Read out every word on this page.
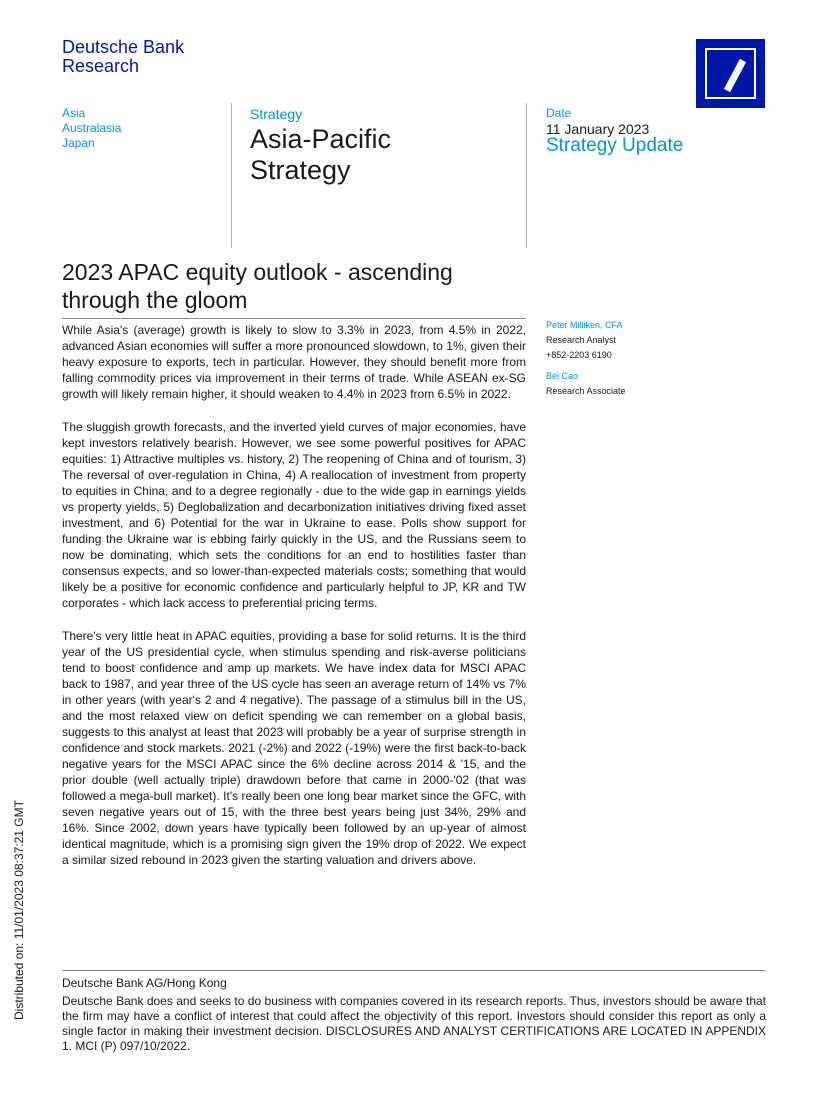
Deutsche Bank
Research
Asia
Australasia
Japan
Strategy
Asia-Pacific
Strategy
Date
11 January 2023
Strategy Update
2023 APAC equity outlook - ascending through the gloom

While Asia's (average) growth is likely to slow to 3.3% in 2023, from 4.5% in 2022, advanced Asian economies will suffer a more pronounced slowdown, to 1%, given their heavy exposure to exports, tech in particular. However, they should benefit more from falling commodity prices via improvement in their terms of trade. While ASEAN ex-SG growth will likely remain higher, it should weaken to 4.4% in 2023 from 6.5% in 2022.

The sluggish growth forecasts, and the inverted yield curves of major economies, have kept investors relatively bearish. However, we see some powerful positives for APAC equities: 1) Attractive multiples vs. history, 2) The reopening of China and of tourism, 3) The reversal of over-regulation in China, 4) A reallocation of investment from property to equities in China, and to a degree regionally - due to the wide gap in earnings yields vs property yields, 5) Deglobalization and decarbonization initiatives driving fixed asset investment, and 6) Potential for the war in Ukraine to ease. Polls show support for funding the Ukraine war is ebbing fairly quickly in the US, and the Russians seem to now be dominating, which sets the conditions for an end to hostilities faster than consensus expects, and so lower-than-expected materials costs; something that would likely be a positive for economic confidence and particularly helpful to JP, KR and TW corporates - which lack access to preferential pricing terms.

There's very little heat in APAC equities, providing a base for solid returns. It is the third year of the US presidential cycle, when stimulus spending and risk-averse politicians tend to boost confidence and amp up markets. We have index data for MSCI APAC back to 1987, and year three of the US cycle has seen an average return of 14% vs 7% in other years (with year's 2 and 4 negative). The passage of a stimulus bill in the US, and the most relaxed view on deficit spending we can remember on a global basis, suggests to this analyst at least that 2023 will probably be a year of surprise strength in confidence and stock markets. 2021 (-2%) and 2022 (-19%) were the first back-to-back negative years for the MSCI APAC since the 6% decline across 2014 & '15, and the prior double (well actually triple) drawdown before that came in 2000-'02 (that was followed a mega-bull market). It's really been one long bear market since the GFC, with seven negative years out of 15, with the three best years being just 34%, 29% and 16%. Since 2002, down years have typically been followed by an up-year of almost identical magnitude, which is a promising sign given the 19% drop of 2022. We expect a similar sized rebound in 2023 given the starting valuation and drivers above.

Peter Milliken, CFA
Research Analyst
+852-2203 6190
Bei Cao
Research Associate
Deutsche Bank AG/Hong Kong
Deutsche Bank does and seeks to do business with companies covered in its research reports. Thus, investors should be aware that the firm may have a conflict of interest that could affect the objectivity of this report. Investors should consider this report as only a single factor in making their investment decision. DISCLOSURES AND ANALYST CERTIFICATIONS ARE LOCATED IN APPENDIX 1. MCI (P) 097/10/2022.
Distributed on: 11/01/2023 08:37:21 GMT
